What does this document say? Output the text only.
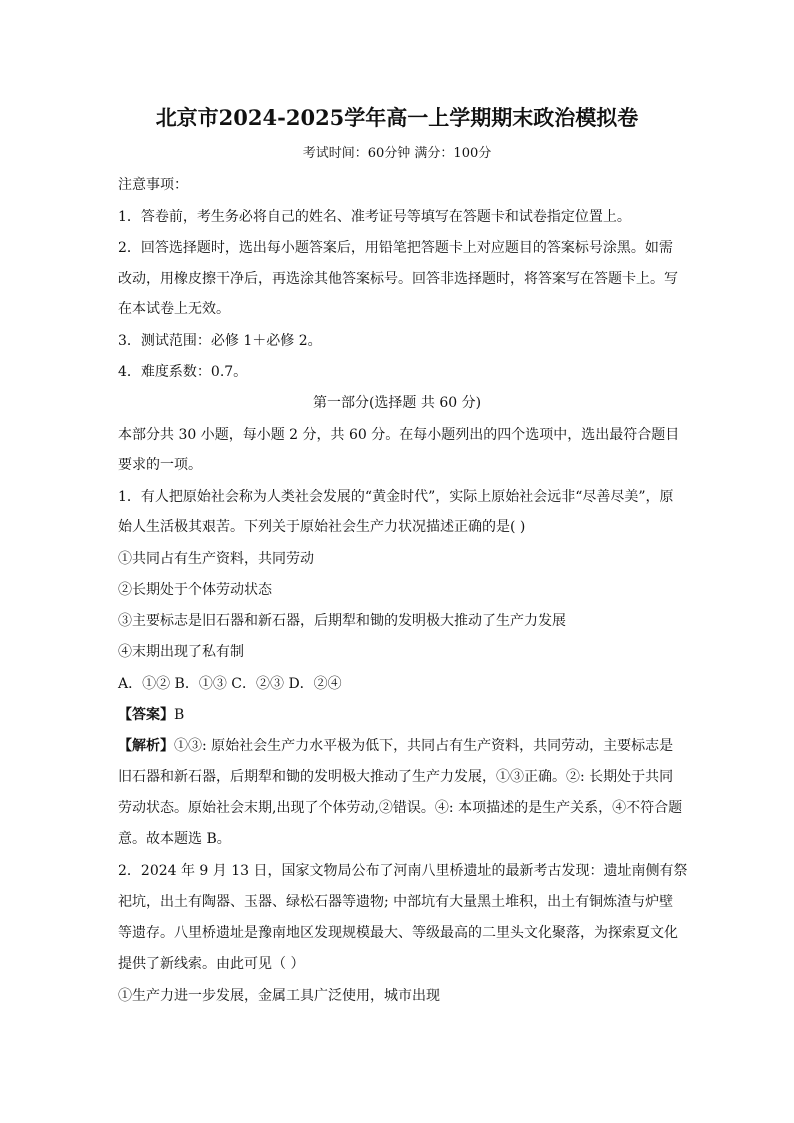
北京市2024-2025学年高一上学期期末政治模拟卷
考试时间：60分钟 满分：100分
注意事项：
1．答卷前，考生务必将自己的姓名、准考证号等填写在答题卡和试卷指定位置上。
2．回答选择题时，选出每小题答案后，用铅笔把答题卡上对应题目的答案标号涂黑。如需
改动，用橡皮擦干净后，再选涂其他答案标号。回答非选择题时，将答案写在答题卡上。写
在本试卷上无效。
3．测试范围：必修 1＋必修 2。
4．难度系数：0.7。
第一部分(选择题 共 60 分)
本部分共 30 小题，每小题 2 分，共 60 分。在每小题列出的四个选项中，选出最符合题目
要求的一项。
1．有人把原始社会称为人类社会发展的“黄金时代”，实际上原始社会远非“尽善尽美”，原
始人生活极其艰苦。下列关于原始社会生产力状况描述正确的是( )
①共同占有生产资料，共同劳动
②长期处于个体劳动状态
③主要标志是旧石器和新石器，后期犁和锄的发明极大推动了生产力发展
④末期出现了私有制
A．①② B．①③ C．②③ D．②④
【答案】B
【解析】①③: 原始社会生产力水平极为低下，共同占有生产资料，共同劳动，主要标志是
旧石器和新石器，后期犁和锄的发明极大推动了生产力发展，①③正确。②: 长期处于共同
劳动状态。原始社会末期,出现了个体劳动,②错误。④: 本项描述的是生产关系，④不符合题
意。故本题选 B。
2．2024 年 9 月 13 日，国家文物局公布了河南八里桥遗址的最新考古发现：遗址南侧有祭
祀坑，出土有陶器、玉器、绿松石器等遗物; 中部坑有大量黑土堆积，出土有铜炼渣与炉壁
等遗存。八里桥遗址是豫南地区发现规模最大、等级最高的二里头文化聚落，为探索夏文化
提供了新线索。由此可见（ ）
①生产力进一步发展，金属工具广泛使用，城市出现
